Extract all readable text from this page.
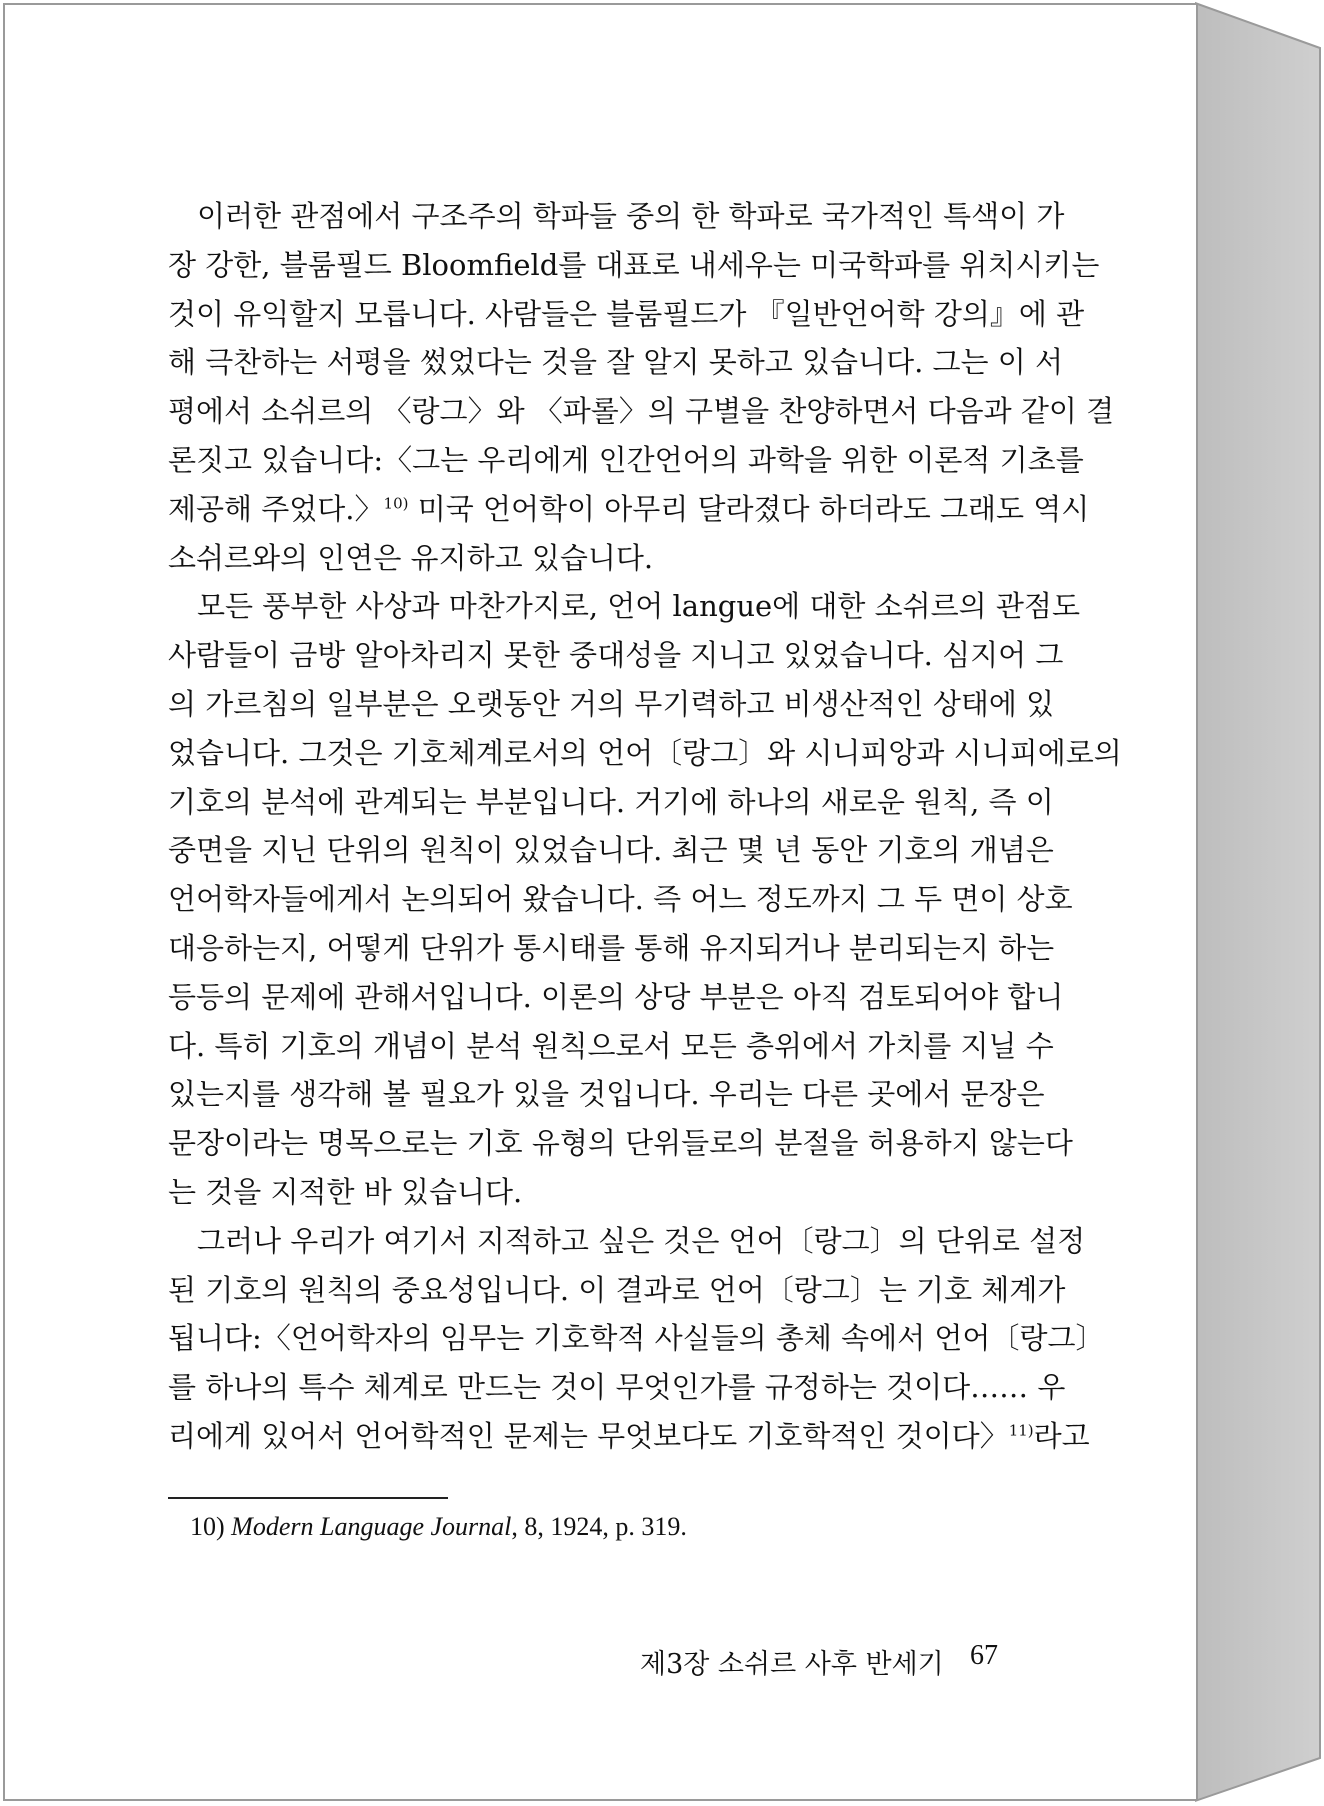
이러한 관점에서 구조주의 학파들 중의 한 학파로 국가적인 특색이 가
장 강한, 블룸필드 Bloomfield를 대표로 내세우는 미국학파를 위치시키는
것이 유익할지 모릅니다. 사람들은 블룸필드가 『일반언어학 강의』에 관
해 극찬하는 서평을 썼었다는 것을 잘 알지 못하고 있습니다. 그는 이 서
평에서 소쉬르의 〈랑그〉와 〈파롤〉의 구별을 찬양하면서 다음과 같이 결
론짓고 있습니다:〈그는 우리에게 인간언어의 과학을 위한 이론적 기초를
제공해 주었다.〉$^{10)}$ 미국 언어학이 아무리 달라졌다 하더라도 그래도 역시
소쉬르와의 인연은 유지하고 있습니다.
모든 풍부한 사상과 마찬가지로, 언어 langue에 대한 소쉬르의 관점도
사람들이 금방 알아차리지 못한 중대성을 지니고 있었습니다. 심지어 그
의 가르침의 일부분은 오랫동안 거의 무기력하고 비생산적인 상태에 있
었습니다. 그것은 기호체계로서의 언어〔랑그〕와 시니피앙과 시니피에로의
기호의 분석에 관계되는 부분입니다. 거기에 하나의 새로운 원칙, 즉 이
중면을 지닌 단위의 원칙이 있었습니다. 최근 몇 년 동안 기호의 개념은
언어학자들에게서 논의되어 왔습니다. 즉 어느 정도까지 그 두 면이 상호
대응하는지, 어떻게 단위가 통시태를 통해 유지되거나 분리되는지 하는
등등의 문제에 관해서입니다. 이론의 상당 부분은 아직 검토되어야 합니
다. 특히 기호의 개념이 분석 원칙으로서 모든 층위에서 가치를 지닐 수
있는지를 생각해 볼 필요가 있을 것입니다. 우리는 다른 곳에서 문장은
문장이라는 명목으로는 기호 유형의 단위들로의 분절을 허용하지 않는다
는 것을 지적한 바 있습니다.
그러나 우리가 여기서 지적하고 싶은 것은 언어〔랑그〕의 단위로 설정
된 기호의 원칙의 중요성입니다. 이 결과로 언어〔랑그〕는 기호 체계가
됩니다:〈언어학자의 임무는 기호학적 사실들의 총체 속에서 언어〔랑그〕
를 하나의 특수 체계로 만드는 것이 무엇인가를 규정하는 것이다…… 우
리에게 있어서 언어학적인 문제는 무엇보다도 기호학적인 것이다〉$^{11)}$
10) Modern Language Journal, 8, 1924, p. 319.
제3장 소쉬르 사후 반세기 67
